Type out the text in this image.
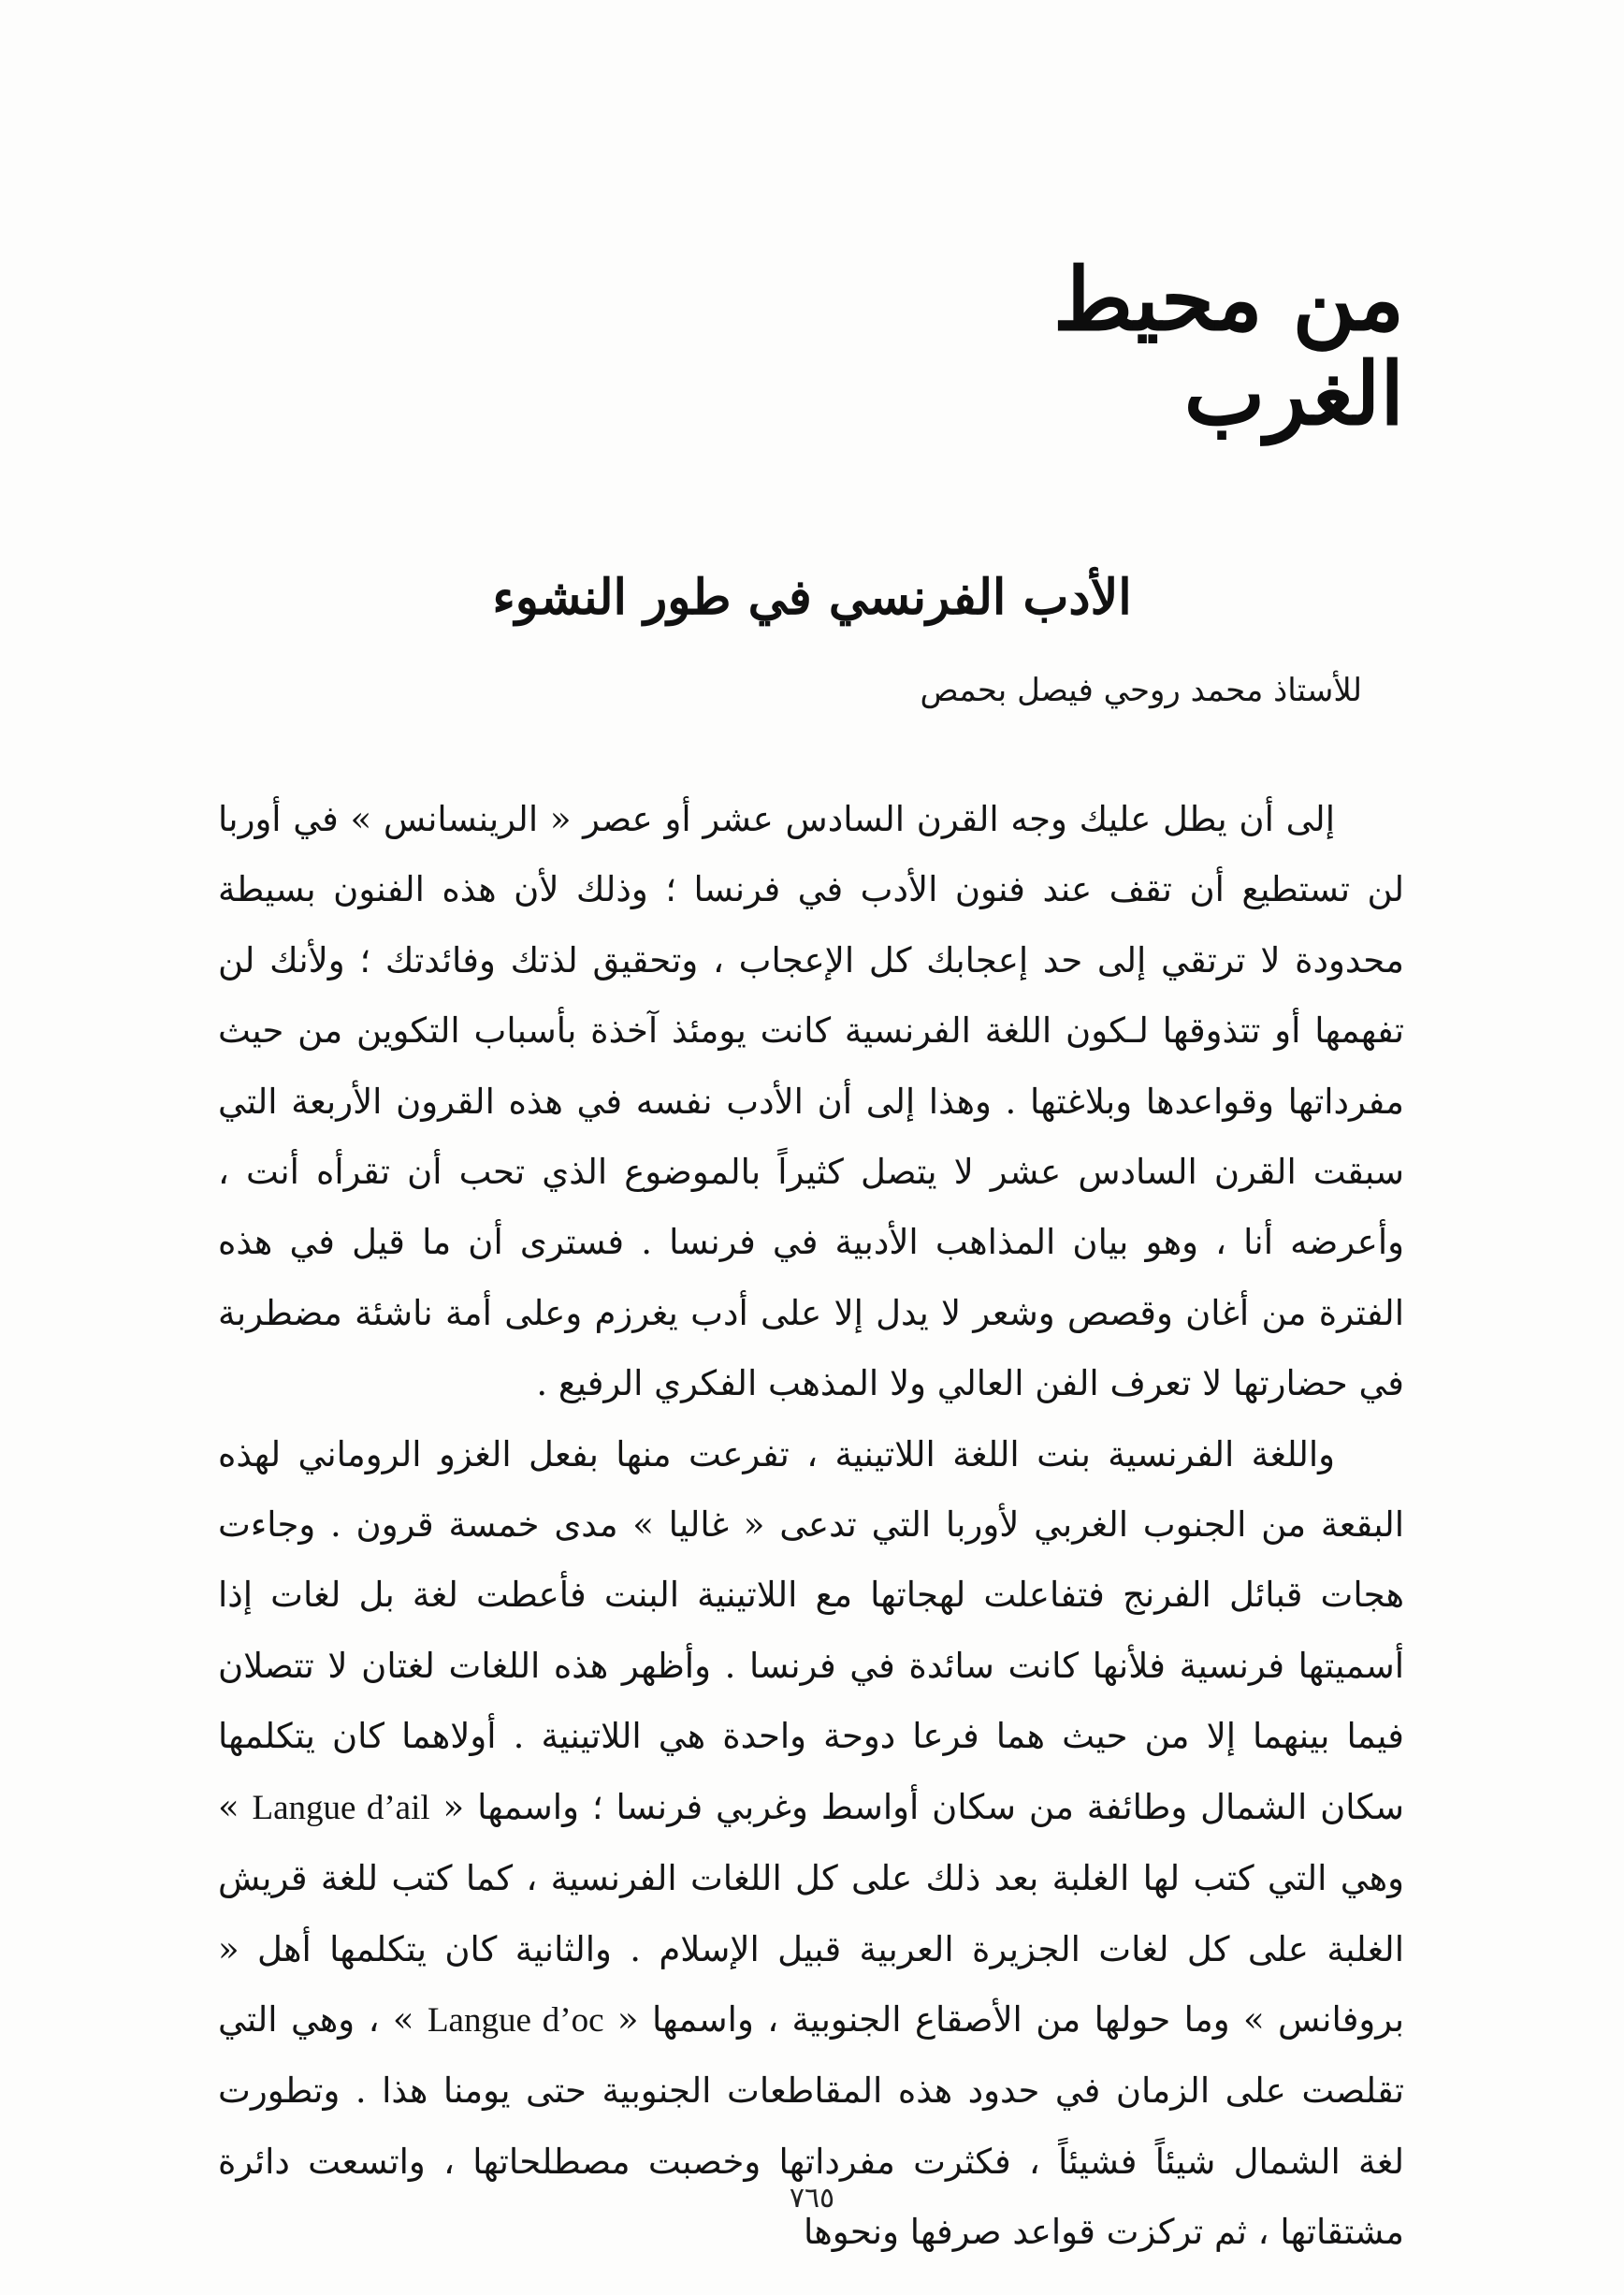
من محيط الغرب
الأدب الفرنسي في طور النشوء
للأستاذ محمد روحي فيصل بحمص

إلى أن يطل عليك وجه القرن السادس عشر أو عصر « الرينسانس » في أوربا لن تستطيع أن تقف عند فنون الأدب في فرنسا ؛ وذلك لأن هذه الفنون بسيطة محدودة لا ترتقي إلى حد إعجابك كل الإعجاب ، وتحقيق لذتك وفائدتك ؛ ولأنك لن تفهمها أو تتذوقها لـكون اللغة الفرنسية كانت يومئذ آخذة بأسباب التكوين من حيث مفرداتها وقواعدها وبلاغتها . وهذا إلى أن الأدب نفسه في هذه القرون الأربعة التي سبقت القرن السادس عشر لا يتصل كثيراً بالموضوع الذي تحب أن تقرأه أنت ، وأعرضه أنا ، وهو بيان المذاهب الأدبية في فرنسا . فسترى أن ما قيل في هذه الفترة من أغان وقصص وشعر لا يدل إلا على أدب يغرزم وعلى أمة ناشئة مضطربة في حضارتها لا تعرف الفن العالي ولا المذهب الفكري الرفيع .

واللغة الفرنسية بنت اللغة اللاتينية ، تفرعت منها بفعل الغزو الروماني لهذه البقعة من الجنوب الغربي لأوربا التي تدعى « غاليا » مدى خمسة قرون . وجاءت هجات قبائل الفرنج فتفاعلت لهجاتها مع اللاتينية البنت فأعطت لغة بل لغات إذا أسميتها فرنسية فلأنها كانت سائدة في فرنسا . وأظهر هذه اللغات لغتان لا تتصلان فيما بينهما إلا من حيث هما فرعا دوحة واحدة هي اللاتينية . أولاهما كان يتكلمها سكان الشمال وطائفة من سكان أواسط وغربي فرنسا ؛ واسمها « Langue d’ail » وهي التي كتب لها الغلبة بعد ذلك على كل اللغات الفرنسية ، كما كتب للغة قريش الغلبة على كل لغات الجزيرة العربية قبيل الإسلام . والثانية كان يتكلمها أهل « بروفانس » وما حولها من الأصقاع الجنوبية ، واسمها « Langue d’oc » ، وهي التي تقلصت على الزمان في حدود هذه المقاطعات الجنوبية حتى يومنا هذا . وتطورت لغة الشمال شيئاً فشيئاً ، فكثرت مفرداتها وخصبت مصطلحاتها ، واتسعت دائرة مشتقاتها ، ثم تركزت قواعد صرفها ونحوها

٧٦٥
